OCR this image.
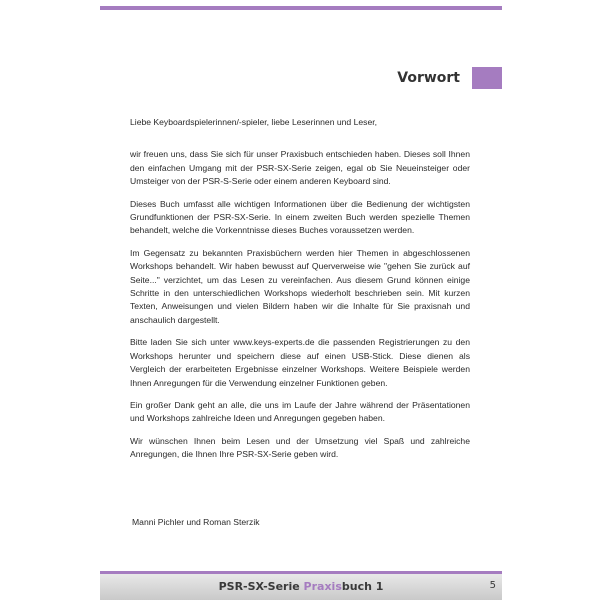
Vorwort

Liebe Keyboardspielerinnen/-spieler, liebe Leserinnen und Leser,

wir freuen uns, dass Sie sich für unser Praxisbuch entschieden haben. Dieses soll Ihnen den einfachen Umgang mit der PSR-SX-Serie zeigen, egal ob Sie Neueinsteiger oder Umsteiger von der PSR-S-Serie oder einem anderen Keyboard sind.

Dieses Buch umfasst alle wichtigen Informationen über die Bedienung der wichtigsten Grundfunktionen der PSR-SX-Serie. In einem zweiten Buch werden spezielle Themen behandelt, welche die Vorkenntnisse dieses Buches voraussetzen werden.

Im Gegensatz zu bekannten Praxisbüchern werden hier Themen in abgeschlossenen Workshops behandelt. Wir haben bewusst auf Querverweise wie "gehen Sie zurück auf Seite..." verzichtet, um das Lesen zu vereinfachen. Aus diesem Grund können einige Schritte in den unterschiedlichen Workshops wiederholt beschrieben sein. Mit kurzen Texten, Anweisungen und vielen Bildern haben wir die Inhalte für Sie praxisnah und anschaulich dargestellt.

Bitte laden Sie sich unter www.keys-experts.de die passenden Registrierungen zu den Workshops herunter und speichern diese auf einen USB-Stick. Diese dienen als Vergleich der erarbeiteten Ergebnisse einzelner Workshops. Weitere Beispiele werden Ihnen Anregungen für die Verwendung einzelner Funktionen geben.

Ein großer Dank geht an alle, die uns im Laufe der Jahre während der Präsentationen und Workshops zahlreiche Ideen und Anregungen gegeben haben.

Wir wünschen Ihnen beim Lesen und der Umsetzung viel Spaß und zahlreiche Anregungen, die Ihnen Ihre PSR-SX-Serie geben wird.

Manni Pichler und Roman Sterzik
PSR-SX-Serie Praxisbuch 1	5
